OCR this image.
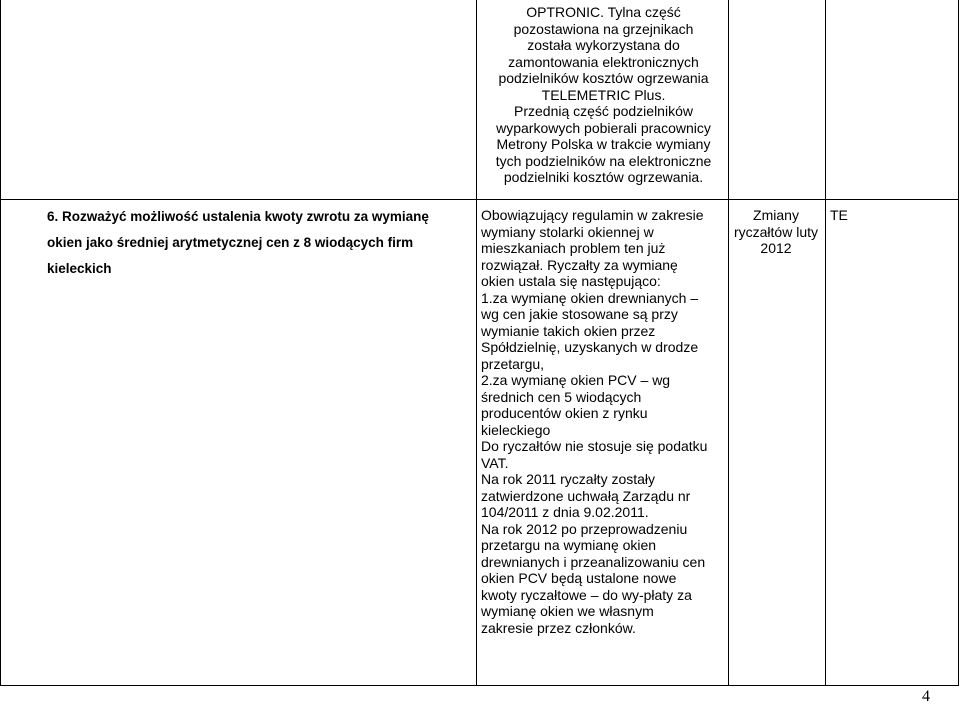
OPTRONIC. Tylna część

pozostawiona na grzejnikach

została wykorzystana do

zamontowania elektronicznych

podzielników kosztów ogrzewania

TELEMETRIC Plus.

Przednią część podzielników

wyparkowych pobierali pracownicy

Metrony Polska w trakcie wymiany

tych podzielników na elektroniczne

podzielniki kosztów ogrzewania.

6. Rozważyć możliwość ustalenia kwoty zwrotu za wymianę

okien jako średniej arytmetycznej cen z 8 wiodących firm

kieleckich

Obowiązujący regulamin w zakresie

wymiany stolarki okiennej w

mieszkaniach problem ten już

rozwiązał. Ryczałty za wymianę

okien ustala się następująco:

1.za wymianę okien drewnianych –

wg cen jakie stosowane są przy

wymianie takich okien przez

Spółdzielnię, uzyskanych w drodze

przetargu,

2.za wymianę okien PCV – wg

średnich cen 5 wiodących

producentów okien z rynku

kieleckiego

Do ryczałtów nie stosuje się podatku

VAT.

Na rok 2011 ryczałty zostały

zatwierdzone uchwałą Zarządu nr

104/2011 z dnia 9.02.2011.

Na rok 2012 po przeprowadzeniu

przetargu na wymianę okien

drewnianych i przeanalizowaniu cen

okien PCV będą ustalone nowe

kwoty ryczałtowe – do wy-płaty za

wymianę okien we własnym

zakresie przez członków.

Zmiany

ryczałtów luty

2012

TE
4
